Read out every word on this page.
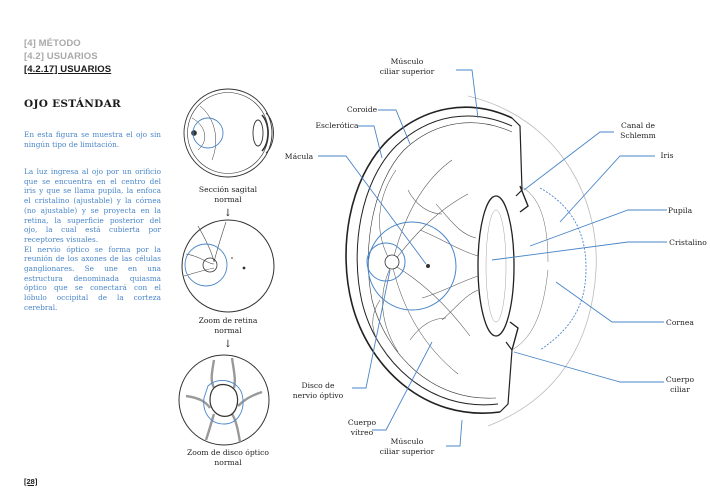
[4] MÉTODO
[4.2] USUARIOS
[4.2.17] USUARIOS
OJO ESTÁNDAR
En esta figura se muestra el ojo sin ningún tipo de limitación.

La luz ingresa al ojo por un orificio que se encuentra en el centro del iris y que se llama pupila, la enfoca el cristalino (ajustable) y la córnea (no ajustable) y se proyecta en la retina, la superficie posterior del ojo, la cual está cubierta por receptores visuales.

El nervio óptico se forma por la reunión de los axones de las células ganglionares. Se une en una estructura denominada quiasma óptico que se conectará con el lóbulo occipital de la corteza cerebral.

Sección sagital
normal
↓
Zoom de retina
normal
↓
Zoom de disco óptico
normal
Músculo
ciliar superior
Coroide
Esclerótica
Mácula
Canal de
Schlemm
Iris
Pupila
Cristalino
Cornea
Cuerpo
ciliar
Disco de
nervio óptivo
Cuerpo
vítreo
Músculo
ciliar superior
[28]
